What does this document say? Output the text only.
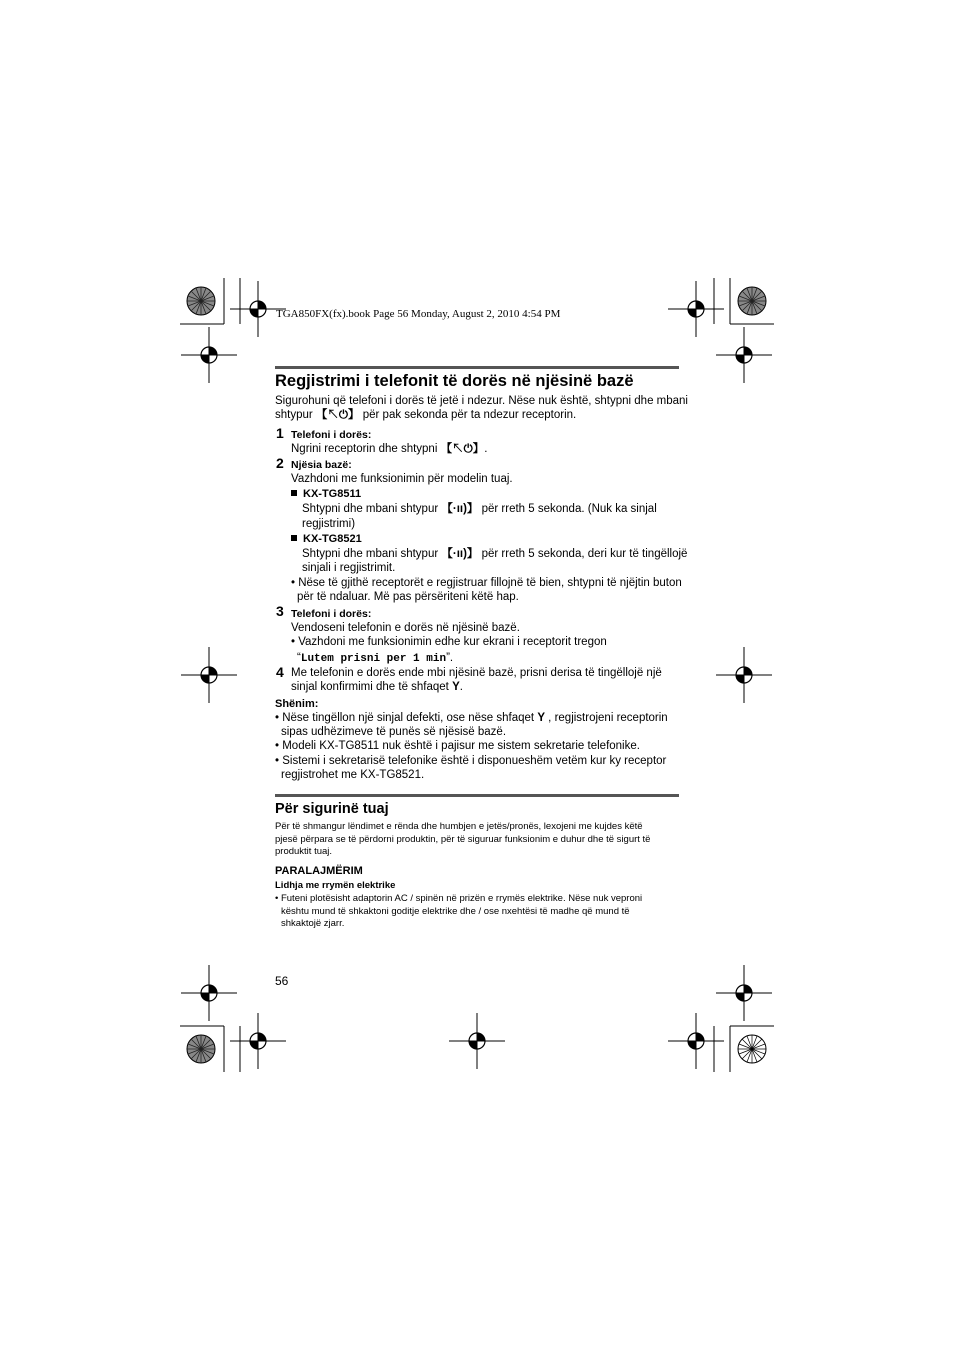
TGA850FX(fx).book Page 56 Monday, August 2, 2010 4:54 PM
Regjistrimi i telefonit të dorës në njësinë bazë
Sigurohuni që telefoni i dorës të jetë i ndezur. Nëse nuk është, shtypni dhe mbani
shtypur 【↖⏻】 për pak sekonda për ta ndezur receptorin.
1 Telefoni i dorës:
Ngrini receptorin dhe shtypni 【↖⏻】.
2 Njësia bazë:
Vazhdoni me funksionimin për modelin tuaj.
KX-TG8511
Shtypni dhe mbani shtypur 【·ıı)】 për rreth 5 sekonda. (Nuk ka sinjal
regjistrimi)
KX-TG8521
Shtypni dhe mbani shtypur 【·ıı)】 për rreth 5 sekonda, deri kur të tingëllojë
sinjali i regjistrimit.
• Nëse të gjithë receptorët e regjistruar fillojnë të bien, shtypni të njëjtin buton
për të ndaluar. Më pas përsëriteni këtë hap.
3 Telefoni i dorës:
Vendoseni telefonin e dorës në njësinë bazë.
• Vazhdoni me funksionimin edhe kur ekrani i receptorit tregon
“Lutem prisni per 1 min”.
4 Me telefonin e dorës ende mbi njësinë bazë, prisni derisa të tingëllojë një
sinjal konfirmimi dhe të shfaqet Y.
Shënim:
• Nëse tingëllon një sinjal defekti, ose nëse shfaqet Y , regjistrojeni receptorin
sipas udhëzimeve të punës së njësisë bazë.
• Modeli KX-TG8511 nuk është i pajisur me sistem sekretarie telefonike.
• Sistemi i sekretarisë telefonike është i disponueshëm vetëm kur ky receptor
regjistrohet me KX-TG8521.
Për sigurinë tuaj
Për të shmangur lëndimet e rënda dhe humbjen e jetës/pronës, lexojeni me kujdes këtë
pjesë përpara se të përdorni produktin, për të siguruar funksionim e duhur dhe të sigurt të
produktit tuaj.
PARALAJMËRIM
Lidhja me rrymën elektrike
• Futeni plotësisht adaptorin AC / spinën në prizën e rrymës elektrike. Nëse nuk veproni
kështu mund të shkaktoni goditje elektrike dhe / ose nxehtësi të madhe që mund të
shkaktojë zjarr.
56
